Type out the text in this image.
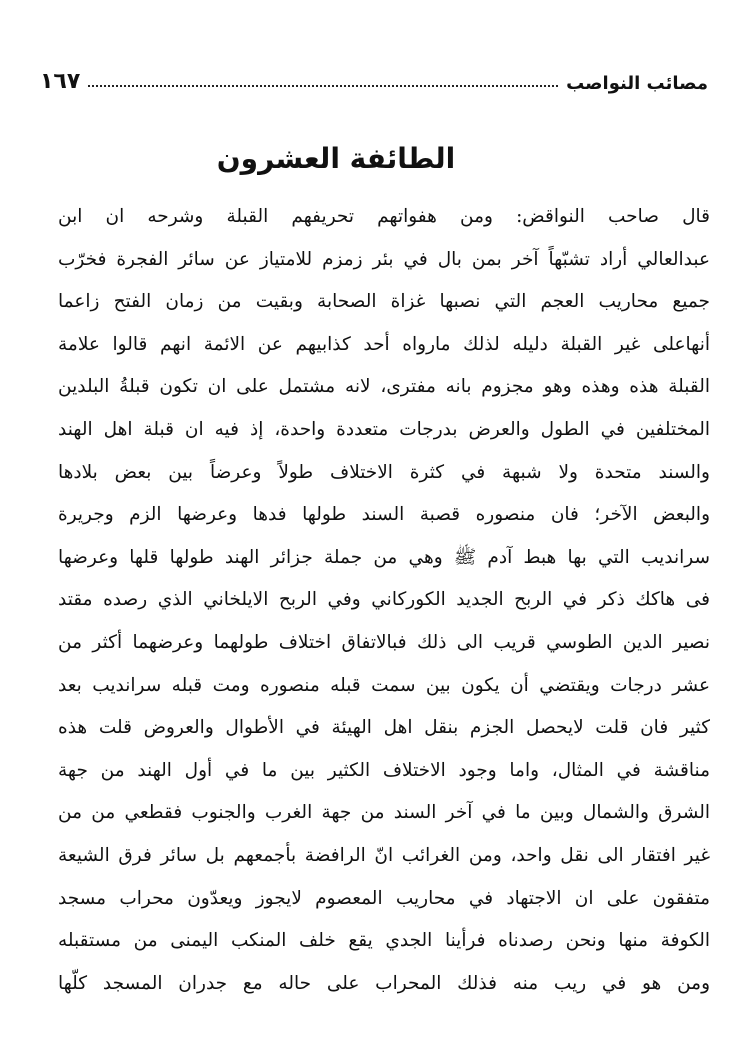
مصائب النواصب
١٦٧
الطائفة العشرون
قال صاحب النواقض: ومن هفواتهم تحريفهم القبلة وشرحه ان ابن
عبدالعالي أراد تشبّهاً آخر بمن بال في بئر زمزم للامتياز عن سائر الفجرة فخرّب
جميع محاريب العجم التي نصبها غزاة الصحابة وبقيت من زمان الفتح زاعما
أنهاعلى غير القبلة دليله لذلك مارواه أحد كذابيهم عن الائمة انهم قالوا علامة
القبلة هذه وهذه وهو مجزوم بانه مفترى، لانه مشتمل على ان تكون قبلةُ البلدين
المختلفين في الطول والعرض بدرجات متعددة واحدة، إذ فيه ان قبلة اهل الهند
والسند متحدة ولا شبهة في كثرة الاختلاف طولاً وعرضاً بين بعض بلادها
والبعض الآخر؛ فان منصوره قصبة السند طولها فدها وعرضها الزم وجريرة
سرانديب التي بها هبط آدم ﷺ وهي من جملة جزائر الهند طولها قلها وعرضها
فى هاكك ذكر في الربح الجديد الكوركاني وفي الربح الايلخاني الذي رصده مقتد
نصير الدين الطوسي قريب الى ذلك فبالاتفاق اختلاف طولهما وعرضهما أكثر من
عشر درجات ويقتضي أن يكون بين سمت قبله منصوره ومت قبله سرانديب بعد
كثير فان قلت لايحصل الجزم بنقل اهل الهيئة في الأطوال والعروض قلت هذه
مناقشة في المثال، واما وجود الاختلاف الكثير بين ما في أول الهند من جهة
الشرق والشمال وبين ما في آخر السند من جهة الغرب والجنوب فقطعي من من
غير افتقار الى نقل واحد، ومن الغرائب انّ الرافضة بأجمعهم بل سائر فرق الشيعة
متفقون على ان الاجتهاد في محاريب المعصوم لايجوز ويعدّون محراب مسجد
الكوفة منها ونحن رصدناه فرأينا الجدي يقع خلف المنكب اليمنى من مستقبله
ومن هو في ريب منه فذلك المحراب على حاله مع جدران المسجد كلّها
